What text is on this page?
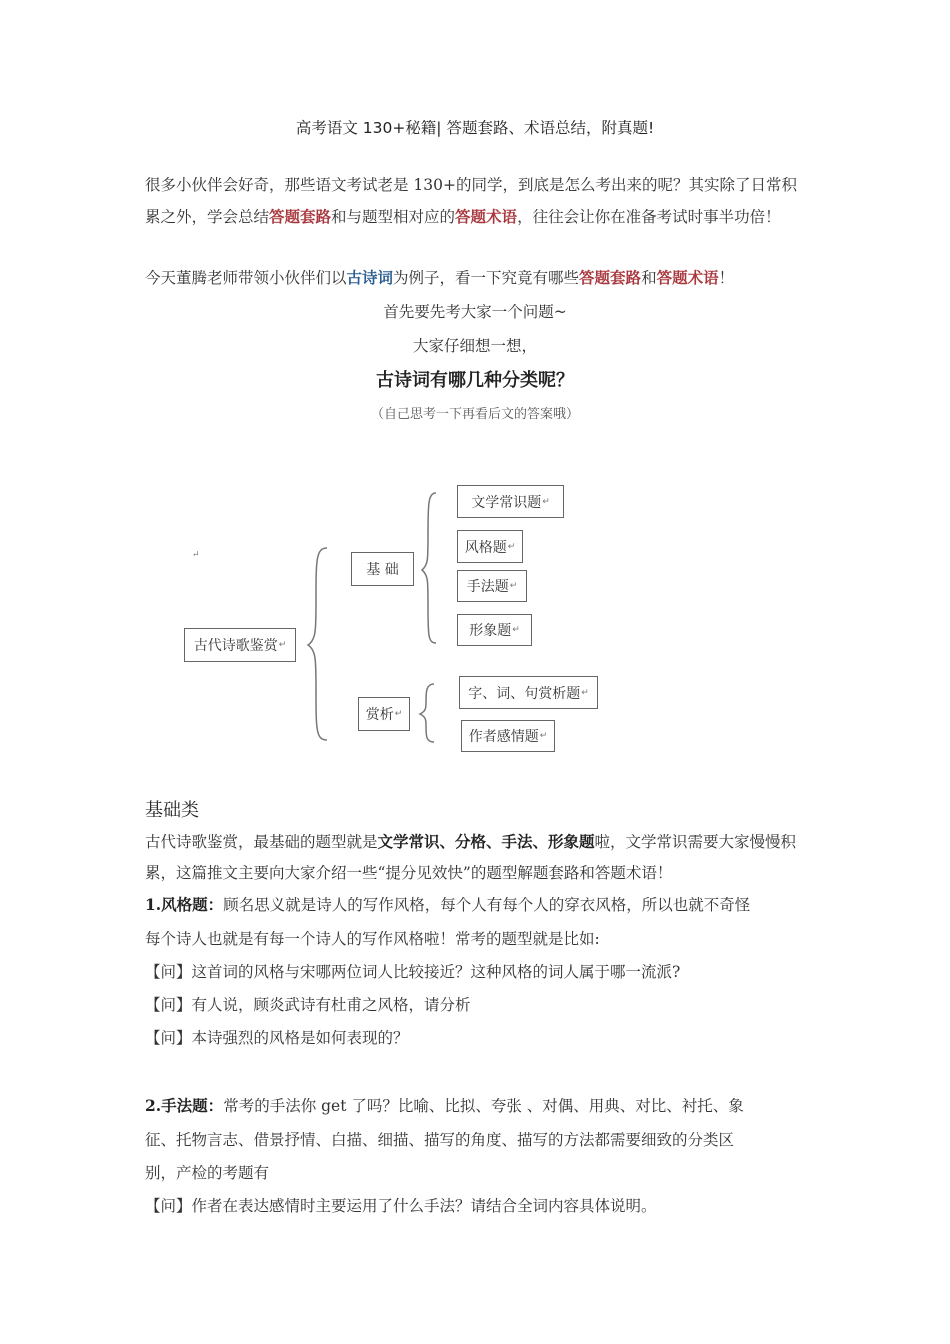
高考语文 130+秘籍| 答题套路、术语总结，附真题!
很多小伙伴会好奇，那些语文考试老是 130+的同学，到底是怎么考出来的呢？其实除了日常积累之外，学会总结答题套路和与题型相对应的答题术语，往往会让你在准备考试时事半功倍！
今天董腾老师带领小伙伴们以古诗词为例子，看一下究竟有哪些答题套路和答题术语！
首先要先考大家一个问题~
大家仔细想一想，
古诗词有哪几种分类呢？
（自己思考一下再看后文的答案哦）
↵
古代诗歌鉴赏 ↵
基 础
赏析 ↵
文学常识题 ↵
风格题 ↵
手法题 ↵
形象题 ↵
字、词、句赏析题 ↵
作者感情题 ↵
基础类
古代诗歌鉴赏，最基础的题型就是文学常识、分格、手法、形象题啦，文学常识需要大家慢慢积累，这篇推文主要向大家介绍一些“提分见效快”的题型解题套路和答题术语！
1.风格题：顾名思义就是诗人的写作风格，每个人有每个人的穿衣风格，所以也就不奇怪
每个诗人也就是有每一个诗人的写作风格啦！常考的题型就是比如:
【问】这首词的风格与宋哪两位词人比较接近？这种风格的词人属于哪一流派?
【问】有人说，顾炎武诗有杜甫之风格，请分析
【问】本诗强烈的风格是如何表现的？
2.手法题：常考的手法你 get 了吗？比喻、比拟、夸张 、对偶、用典、对比、衬托、象
征、托物言志、借景抒情、白描、细描、描写的角度、描写的方法都需要细致的分类区
别，产检的考题有
【问】作者在表达感情时主要运用了什么手法？请结合全词内容具体说明。
